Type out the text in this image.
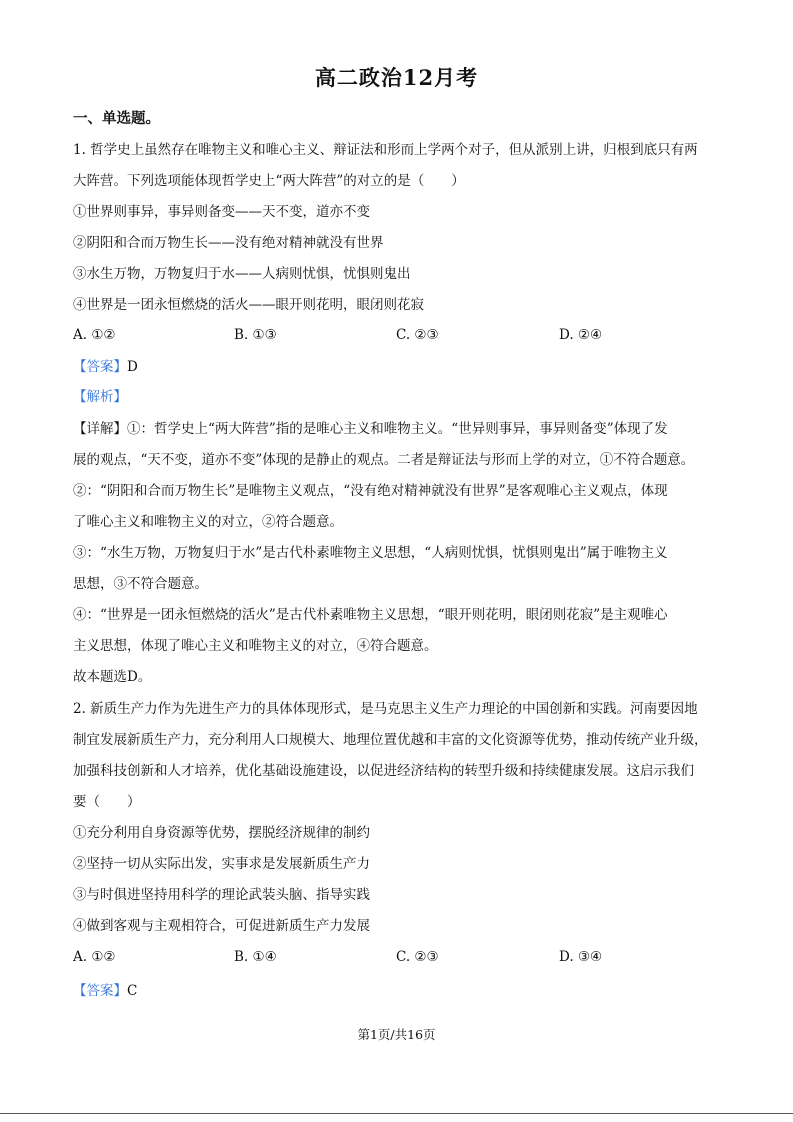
高二政治12月考
一、单选题。
1. 哲学史上虽然存在唯物主义和唯心主义、辩证法和形而上学两个对子，但从派别上讲，归根到底只有两
大阵营。下列选项能体现哲学史上“两大阵营”的对立的是（　　）
①世界则事异，事异则备变——天不变，道亦不变
②阴阳和合而万物生长——没有绝对精神就没有世界
③水生万物，万物复归于水——人病则忧惧，忧惧则鬼出
④世界是一团永恒燃烧的活火——眼开则花明，眼闭则花寂
A. ①②	B. ①③	C. ②③	D. ②④
【答案】D
【解析】
【详解】①：哲学史上“两大阵营”指的是唯心主义和唯物主义。“世异则事异，事异则备变”体现了发
展的观点，“天不变，道亦不变”体现的是静止的观点。二者是辩证法与形而上学的对立，①不符合题意。
②：“阴阳和合而万物生长”是唯物主义观点，“没有绝对精神就没有世界”是客观唯心主义观点，体现
了唯心主义和唯物主义的对立，②符合题意。
③：“水生万物，万物复归于水”是古代朴素唯物主义思想，“人病则忧惧，忧惧则鬼出”属于唯物主义
思想，③不符合题意。
④：“世界是一团永恒燃烧的活火”是古代朴素唯物主义思想，“眼开则花明，眼闭则花寂”是主观唯心
主义思想，体现了唯心主义和唯物主义的对立，④符合题意。
故本题选D。
2. 新质生产力作为先进生产力的具体体现形式，是马克思主义生产力理论的中国创新和实践。河南要因地
制宜发展新质生产力，充分利用人口规模大、地理位置优越和丰富的文化资源等优势，推动传统产业升级，
加强科技创新和人才培养，优化基础设施建设，以促进经济结构的转型升级和持续健康发展。这启示我们
要（　　）
①充分利用自身资源等优势，摆脱经济规律的制约
②坚持一切从实际出发，实事求是发展新质生产力
③与时俱进坚持用科学的理论武装头脑、指导实践
④做到客观与主观相符合，可促进新质生产力发展
A. ①②	B. ①④	C. ②③	D. ③④
【答案】C
第1页/共16页
